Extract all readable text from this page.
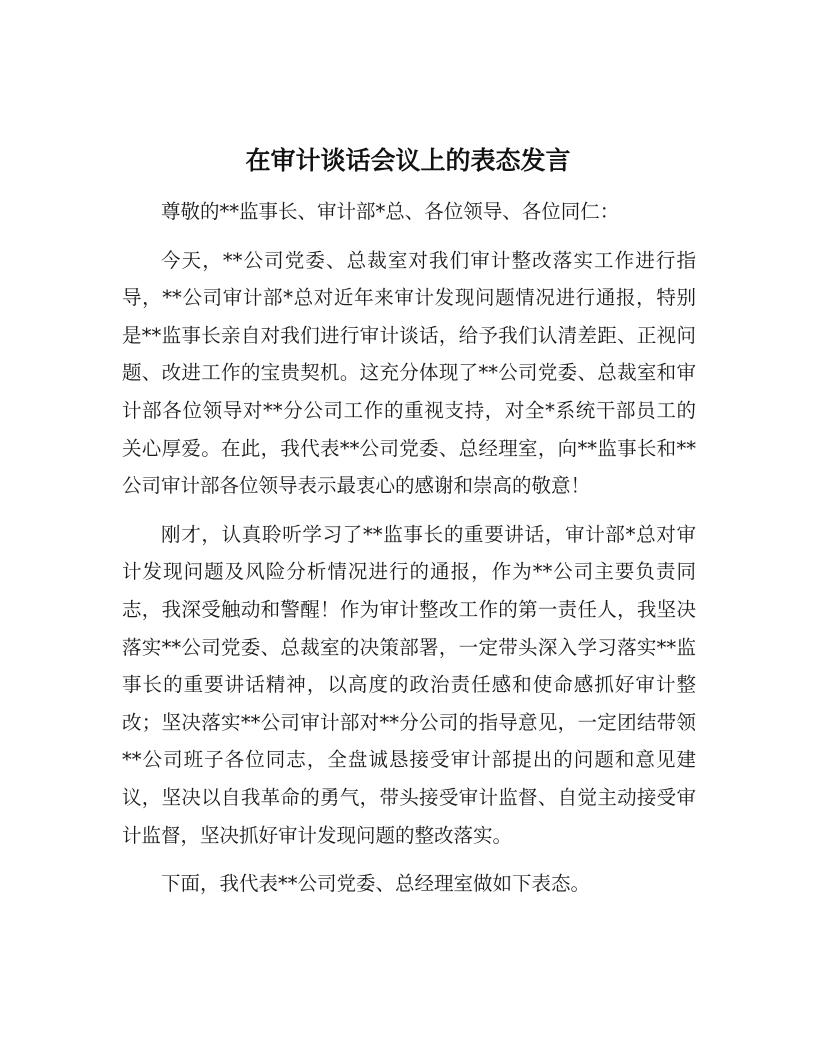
在审计谈话会议上的表态发言

尊敬的**监事长、审计部*总、各位领导、各位同仁：

今天，**公司党委、总裁室对我们审计整改落实工作进行指导，**公司审计部*总对近年来审计发现问题情况进行通报，特别是**监事长亲自对我们进行审计谈话，给予我们认清差距、正视问题、改进工作的宝贵契机。这充分体现了**公司党委、总裁室和审计部各位领导对**分公司工作的重视支持，对全*系统干部员工的关心厚爱。在此，我代表**公司党委、总经理室，向**监事长和**公司审计部各位领导表示最衷心的感谢和崇高的敬意！

刚才，认真聆听学习了**监事长的重要讲话，审计部*总对审计发现问题及风险分析情况进行的通报，作为**公司主要负责同志，我深受触动和警醒！作为审计整改工作的第一责任人，我坚决落实**公司党委、总裁室的决策部署，一定带头深入学习落实**监事长的重要讲话精神，以高度的政治责任感和使命感抓好审计整改；坚决落实**公司审计部对**分公司的指导意见，一定团结带领**公司班子各位同志，全盘诚恳接受审计部提出的问题和意见建议，坚决以自我革命的勇气，带头接受审计监督、自觉主动接受审计监督，坚决抓好审计发现问题的整改落实。

下面，我代表**公司党委、总经理室做如下表态。
